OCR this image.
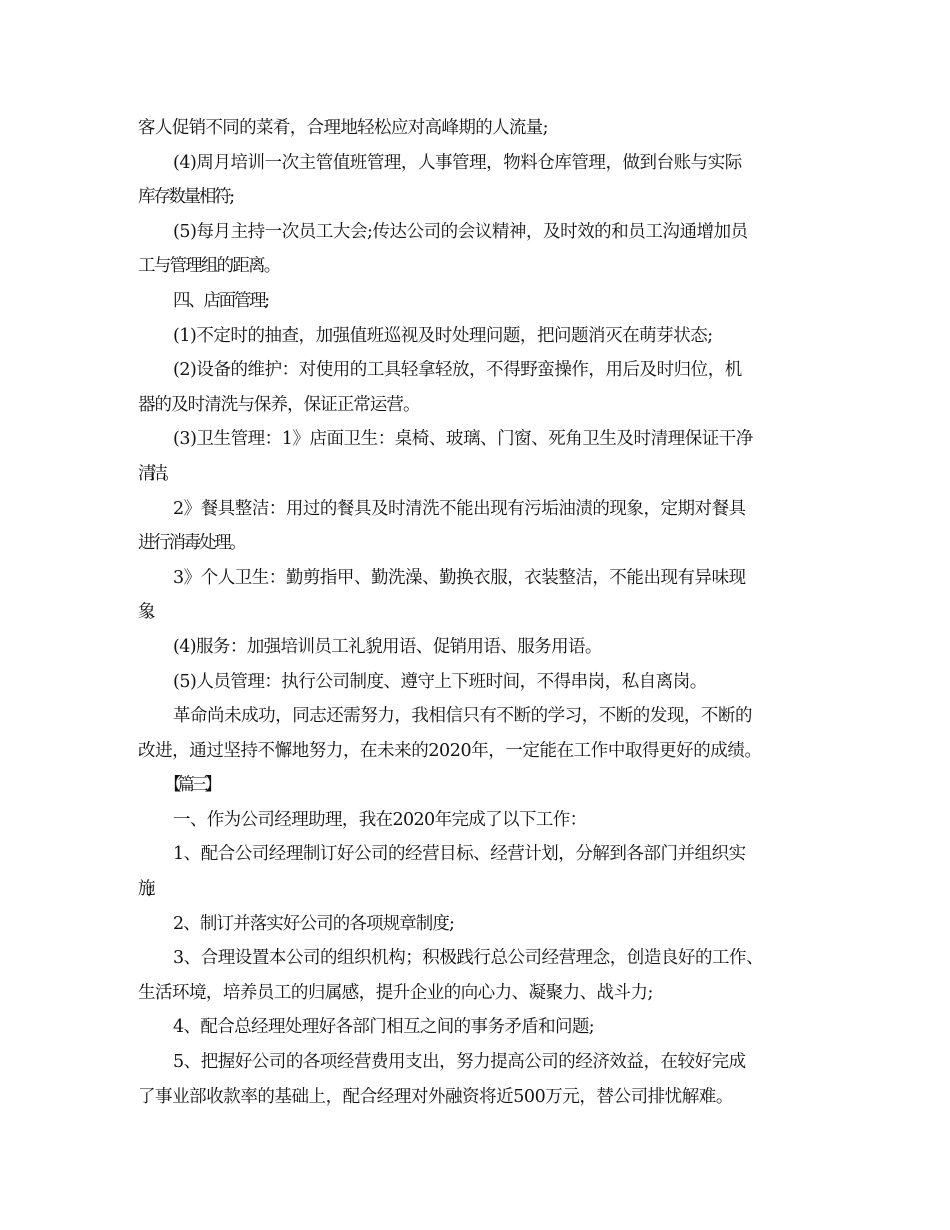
客人促销不同的菜肴，合理地轻松应对高峰期的人流量;

(4)周月培训一次主管值班管理，人事管理，物料仓库管理，做到台账与实际

库存数量相符;

(5)每月主持一次员工大会;传达公司的会议精神，及时效的和员工沟通增加员

工与管理组的距离。

四、店面管理;

(1)不定时的抽查，加强值班巡视及时处理问题，把问题消灭在萌芽状态;

(2)设备的维护：对使用的工具轻拿轻放，不得野蛮操作，用后及时归位，机

器的及时清洗与保养，保证正常运营。

(3)卫生管理：1》店面卫生：桌椅、玻璃、门窗、死角卫生及时清理保证干净

清洁。

2》餐具整洁：用过的餐具及时清洗不能出现有污垢油渍的现象，定期对餐具

进行消毒处理。

3》个人卫生：勤剪指甲、勤洗澡、勤换衣服，衣装整洁，不能出现有异味现

象。

(4)服务：加强培训员工礼貌用语、促销用语、服务用语。

(5)人员管理：执行公司制度、遵守上下班时间，不得串岗，私自离岗。

革命尚未成功，同志还需努力，我相信只有不断的学习，不断的发现，不断的

改进，通过坚持不懈地努力，在未来的2020年，一定能在工作中取得更好的成绩。

【篇三】

一、作为公司经理助理，我在2020年完成了以下工作：

1、配合公司经理制订好公司的经营目标、经营计划，分解到各部门并组织实

施;

2、制订并落实好公司的各项规章制度;

3、合理设置本公司的组织机构；积极践行总公司经营理念，创造良好的工作、

生活环境，培养员工的归属感，提升企业的向心力、凝聚力、战斗力;

4、配合总经理处理好各部门相互之间的事务矛盾和问题;

5、把握好公司的各项经营费用支出，努力提高公司的经济效益，在较好完成

了事业部收款率的基础上，配合经理对外融资将近500万元，替公司排忧解难。
